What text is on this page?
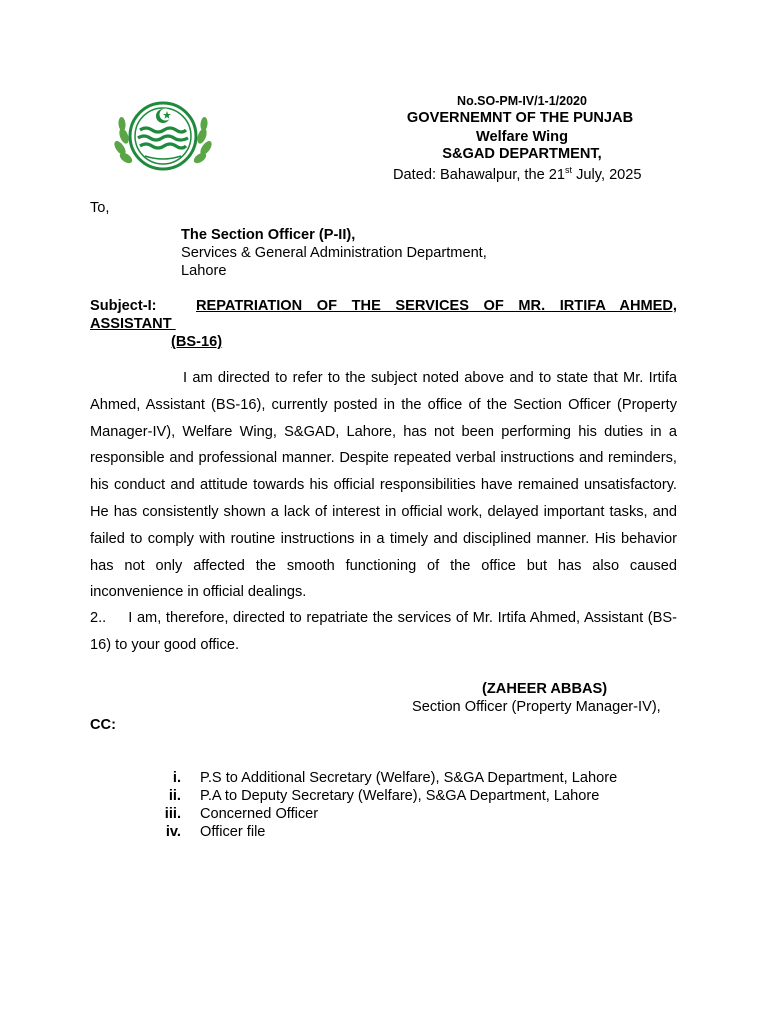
No.SO-PM-IV/1-1/2020
GOVERNEMNT OF THE PUNJAB
Welfare Wing
S&GAD DEPARTMENT,
Dated: Bahawalpur, the 21st July, 2025
To,
The Section Officer (P-II),
Services & General Administration Department,
Lahore
Subject-I:	REPATRIATION OF THE SERVICES OF MR. IRTIFA AHMED,
ASSISTANT
(BS-16)
I am directed to refer to the subject noted above and to state that Mr. Irtifa Ahmed, Assistant (BS-16), currently posted in the office of the Section Officer (Property Manager-IV), Welfare Wing, S&GAD, Lahore, has not been performing his duties in a responsible and professional manner. Despite repeated verbal instructions and reminders, his conduct and attitude towards his official responsibilities have remained unsatisfactory. He has consistently shown a lack of interest in official work, delayed important tasks, and failed to comply with routine instructions in a timely and disciplined manner. His behavior has not only affected the smooth functioning of the office but has also caused inconvenience in official dealings.
2.. I am, therefore, directed to repatriate the services of Mr. Irtifa Ahmed, Assistant (BS-16) to your good office.
(ZAHEER ABBAS)
Section Officer (Property Manager-IV),
CC:
i. P.S to Additional Secretary (Welfare), S&GA Department, Lahore
ii. P.A to Deputy Secretary (Welfare), S&GA Department, Lahore
iii. Concerned Officer
iv. Officer file
